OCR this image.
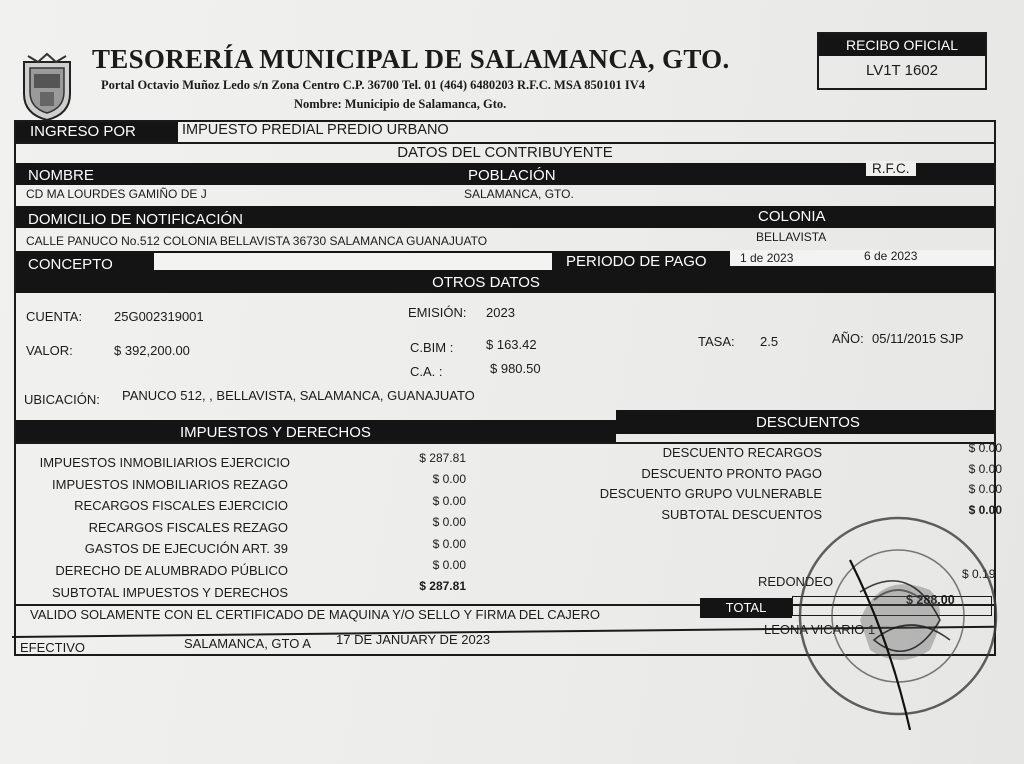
TESORERÍA MUNICIPAL DE SALAMANCA, GTO.
Portal Octavio Muñoz Ledo s/n Zona Centro C.P. 36700 Tel. 01 (464) 6480203 R.F.C. MSA 850101 IV4
Nombre: Municipio de Salamanca, Gto.
RECIBO OFICIAL
LV1T 1602
INGRESO POR	IMPUESTO PREDIAL PREDIO URBANO
DATOS DEL CONTRIBUYENTE
NOMBRE	POBLACIÓN	R.F.C.
CD MA LOURDES GAMIÑO DE J	SALAMANCA, GTO.
DOMICILIO DE NOTIFICACIÓN	COLONIA
CALLE PANUCO No.512 COLONIA BELLAVISTA 36730 SALAMANCA GUANAJUATO	BELLAVISTA
CONCEPTO	PERIODO DE PAGO	1 de 2023	6 de 2023
OTROS DATOS
CUENTA: 25G002319001	EMISIÓN: 2023
VALOR:	$ 392,200.00	C.BIM :	$ 163.42	TASA: 2.5	AÑO: 05/11/2015 SJP
C.A. :	$ 980.50
UBICACIÓN: PANUCO 512, , BELLAVISTA, SALAMANCA, GUANAJUATO
IMPUESTOS Y DERECHOS
DESCUENTOS
IMPUESTOS INMOBILIARIOS EJERCICIO	$ 287.81
IMPUESTOS INMOBILIARIOS REZAGO	$ 0.00
RECARGOS FISCALES EJERCICIO	$ 0.00
RECARGOS FISCALES REZAGO	$ 0.00
GASTOS DE EJECUCIÓN ART. 39	$ 0.00
DERECHO DE ALUMBRADO PÚBLICO	$ 0.00
SUBTOTAL IMPUESTOS Y DERECHOS	$ 287.81
DESCUENTO RECARGOS	$ 0.00
DESCUENTO PRONTO PAGO	$ 0.00
DESCUENTO GRUPO VULNERABLE	$ 0.00
SUBTOTAL DESCUENTOS	$ 0.00
REDONDEO	$ 0.19
VALIDO SOLAMENTE CON EL CERTIFICADO DE MAQUINA Y/O SELLO Y FIRMA DEL CAJERO	TOTAL	$ 288.00
EFECTIVO	SALAMANCA, GTO A 17 DE JANUARY DE 2023
LEONA VICARIO 1
